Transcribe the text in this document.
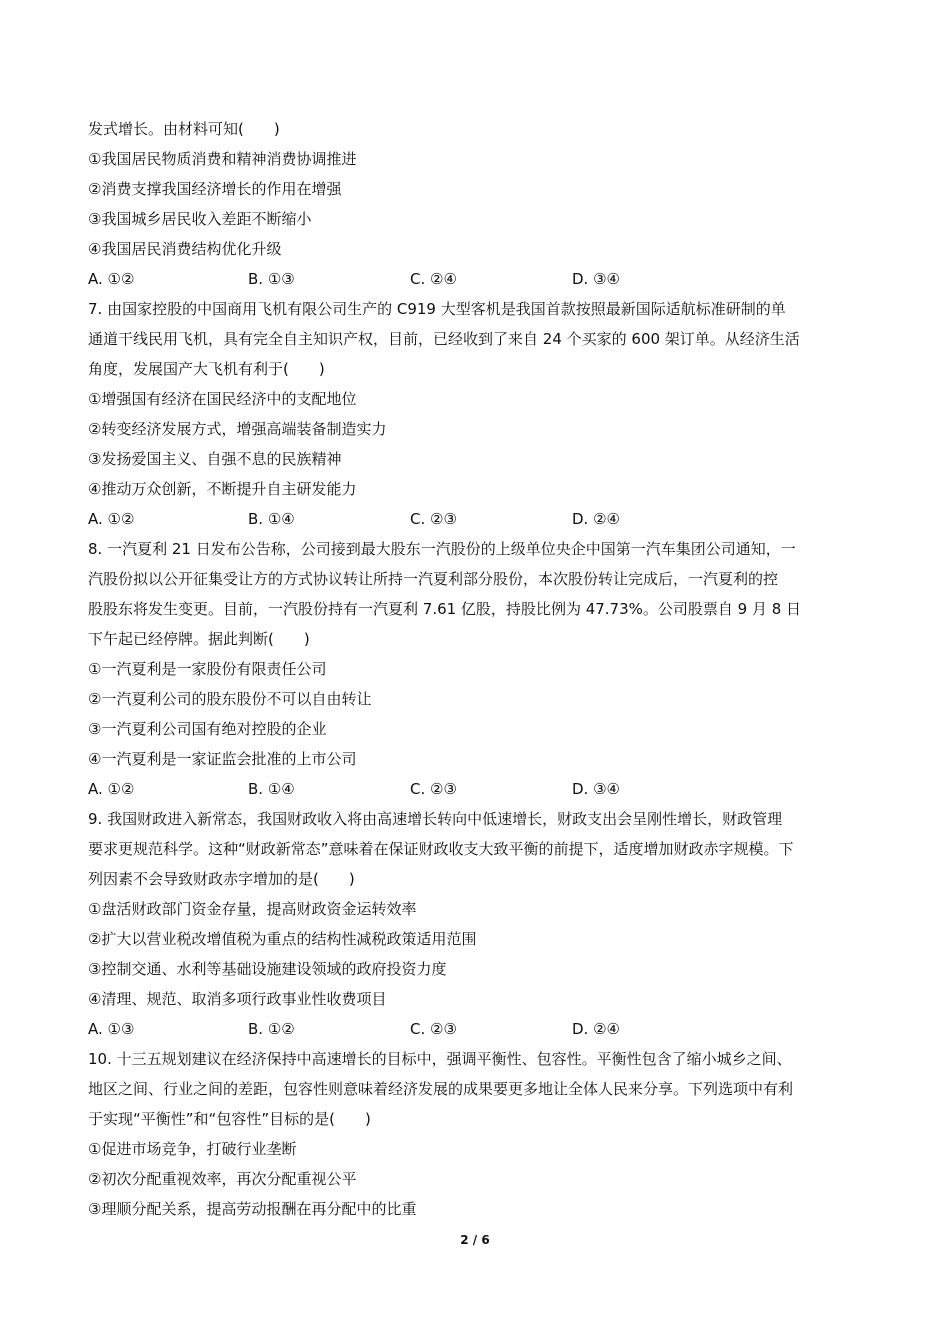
发式增长。由材料可知(　　)
①我国居民物质消费和精神消费协调推进
②消费支撑我国经济增长的作用在增强
③我国城乡居民收入差距不断缩小
④我国居民消费结构优化升级
A. ①②	B. ①③	C. ②④	D. ③④
7. 由国家控股的中国商用飞机有限公司生产的 C919 大型客机是我国首款按照最新国际适航标准研制的单
通道干线民用飞机，具有完全自主知识产权，目前，已经收到了来自 24 个买家的 600 架订单。从经济生活
角度，发展国产大飞机有利于(　　)
①增强国有经济在国民经济中的支配地位
②转变经济发展方式，增强高端装备制造实力
③发扬爱国主义、自强不息的民族精神
④推动万众创新，不断提升自主研发能力
A. ①②	B. ①④	C. ②③	D. ②④
8. 一汽夏利 21 日发布公告称，公司接到最大股东一汽股份的上级单位央企中国第一汽车集团公司通知，一
汽股份拟以公开征集受让方的方式协议转让所持一汽夏利部分股份，本次股份转让完成后，一汽夏利的控
股股东将发生变更。目前，一汽股份持有一汽夏利 7.61 亿股，持股比例为 47.73%。公司股票自 9 月 8 日
下午起已经停牌。据此判断(　　)
①一汽夏利是一家股份有限责任公司
②一汽夏利公司的股东股份不可以自由转让
③一汽夏利公司国有绝对控股的企业
④一汽夏利是一家证监会批准的上市公司
A. ①②	B. ①④	C. ②③	D. ③④
9. 我国财政进入新常态，我国财政收入将由高速增长转向中低速增长，财政支出会呈刚性增长，财政管理
要求更规范科学。这种“财政新常态”意味着在保证财政收支大致平衡的前提下，适度增加财政赤字规模。下
列因素不会导致财政赤字增加的是(　　)
①盘活财政部门资金存量，提高财政资金运转效率
②扩大以营业税改增值税为重点的结构性减税政策适用范围
③控制交通、水利等基础设施建设领域的政府投资力度
④清理、规范、取消多项行政事业性收费项目
A. ①③	B. ①②	C. ②③	D. ②④
10. 十三五规划建议在经济保持中高速增长的目标中，强调平衡性、包容性。平衡性包含了缩小城乡之间、
地区之间、行业之间的差距，包容性则意味着经济发展的成果要更多地让全体人民来分享。下列选项中有利
于实现“平衡性”和“包容性”目标的是(　　)
①促进市场竞争，打破行业垄断
②初次分配重视效率，再次分配重视公平
③理顺分配关系，提高劳动报酬在再分配中的比重
2 / 6
